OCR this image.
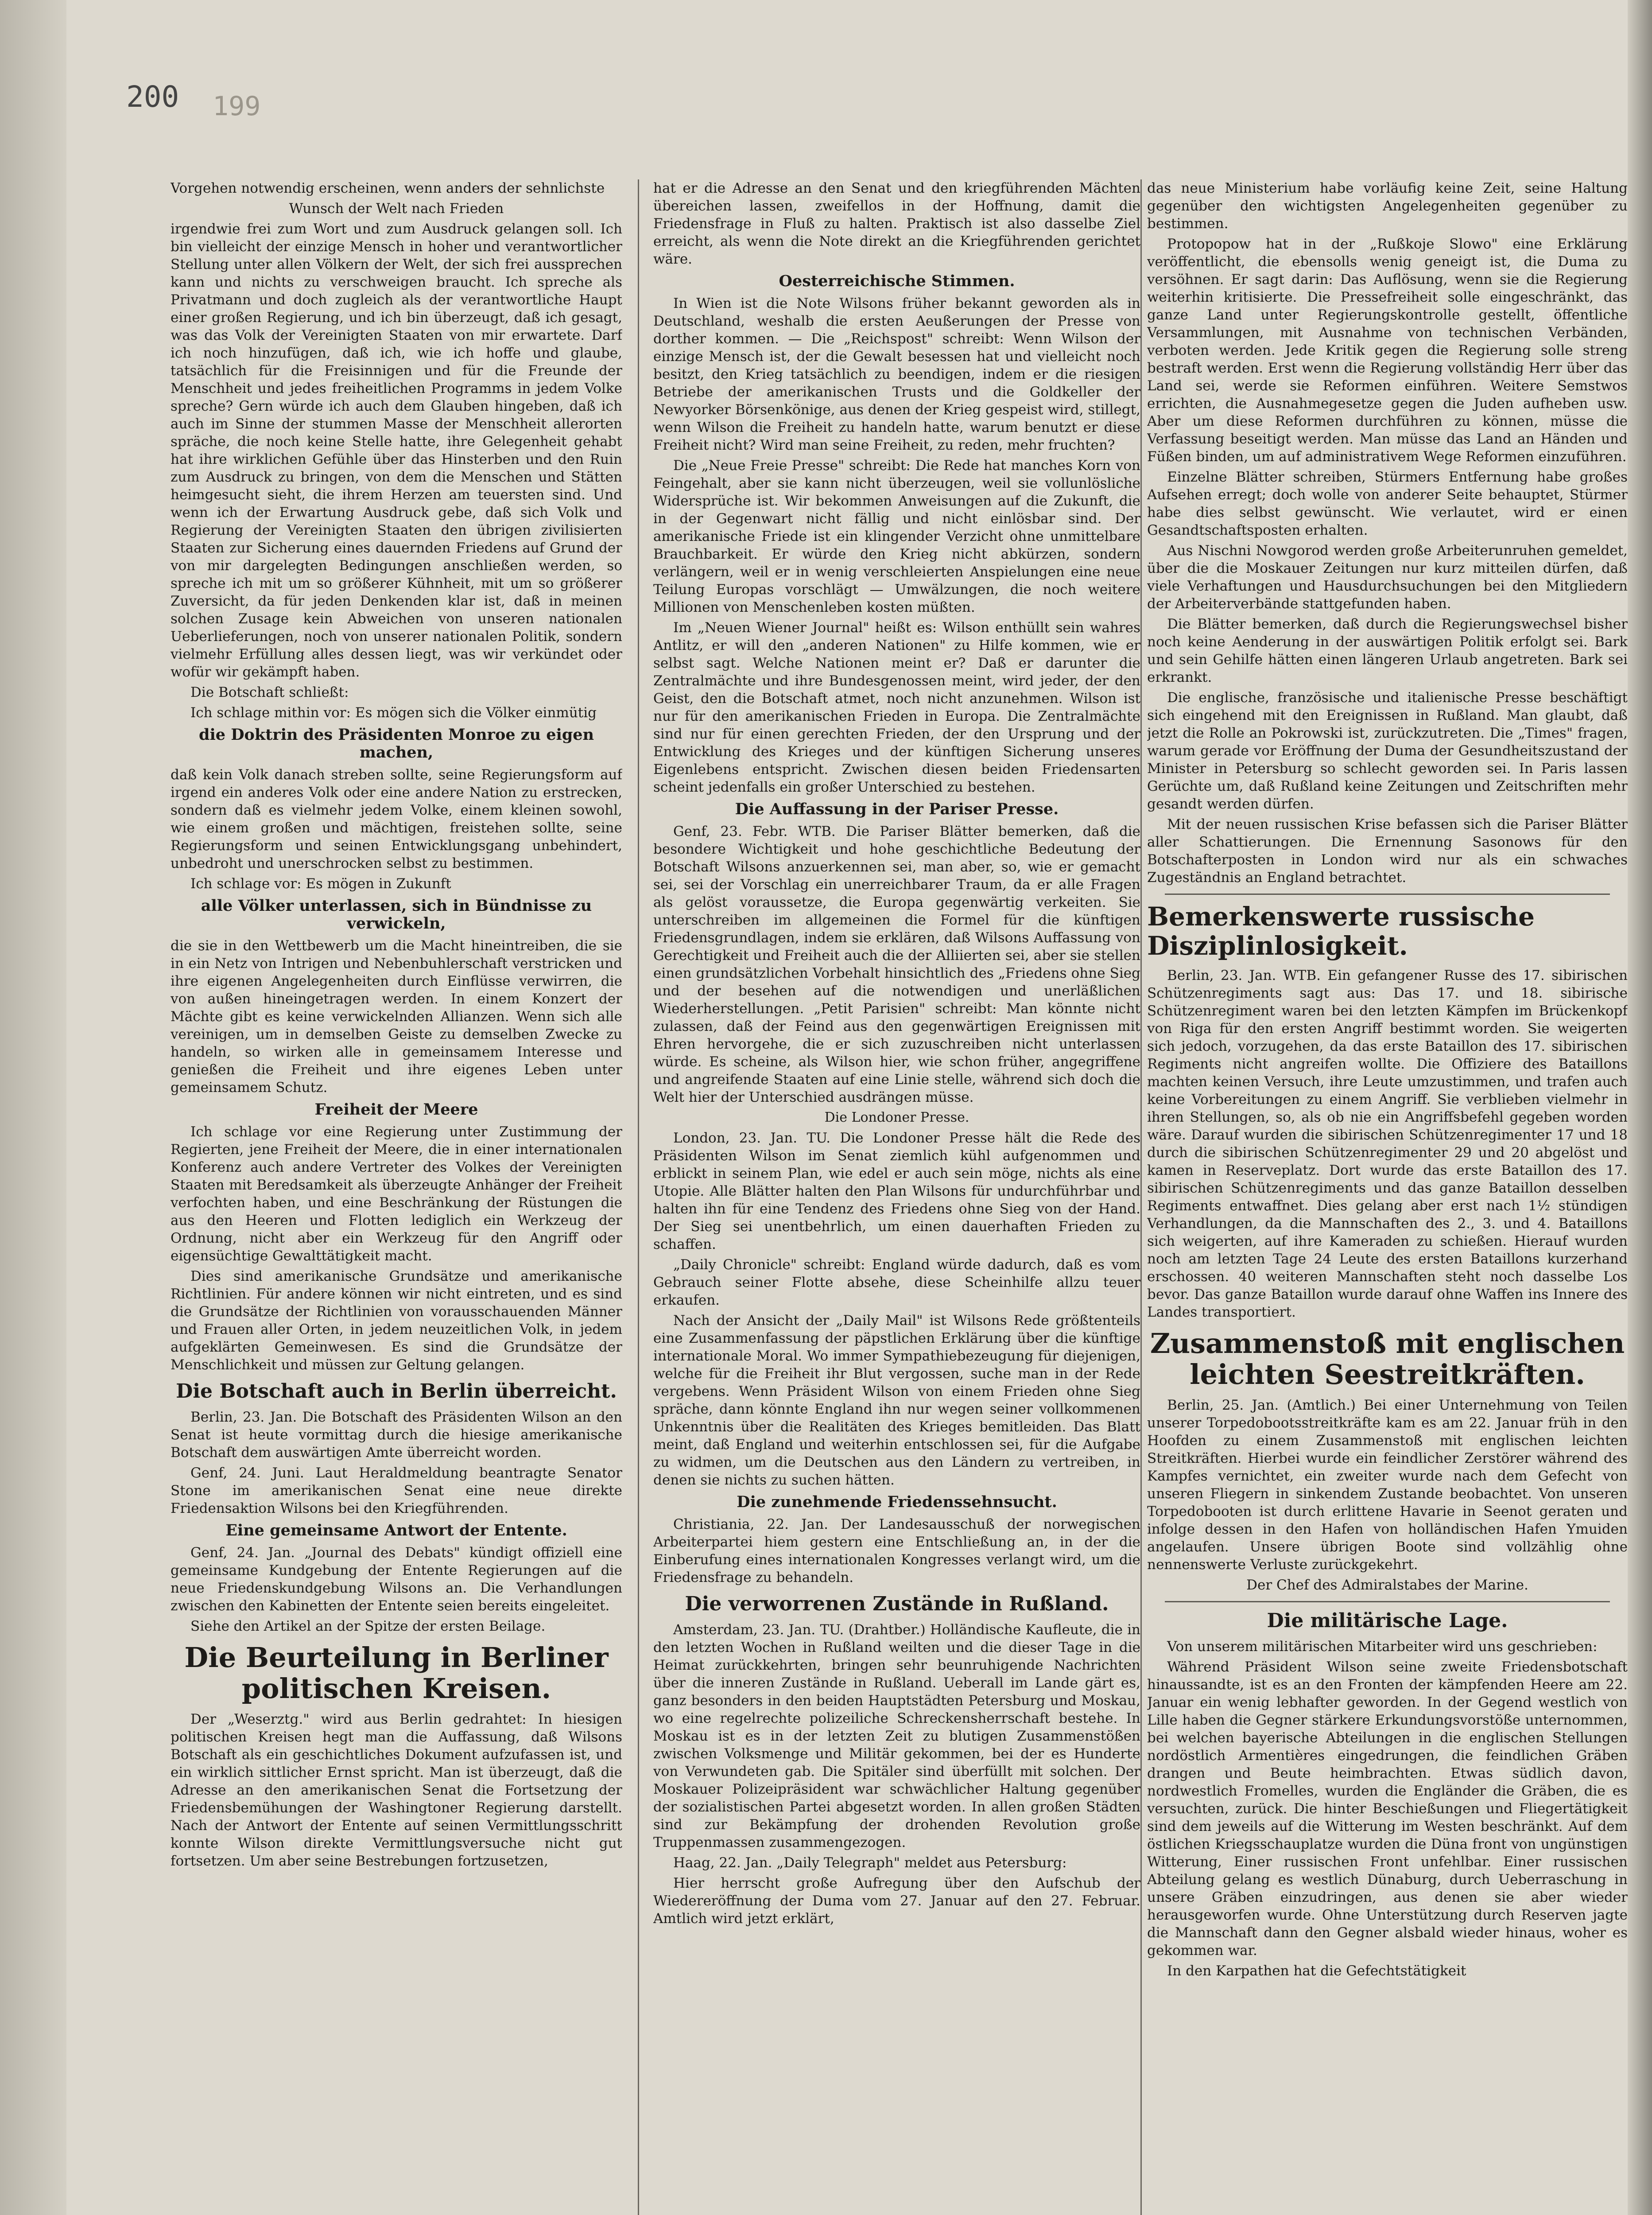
200 199

Vorgehen notwendig erscheinen, wenn anders der sehnlichste

Wunsch der Welt nach Frieden

irgendwie frei zum Wort und zum Ausdruck gelangen soll. Ich bin vielleicht der einzige Mensch in hoher und verantwortlicher Stellung unter allen Völkern der Welt, der sich frei aussprechen kann und nichts zu verschweigen braucht. Ich spreche als Privatmann und doch zugleich als der verantwortliche Haupt einer großen Regierung, und ich bin überzeugt, daß ich gesagt, was das Volk der Vereinigten Staaten von mir erwartete. Darf ich noch hinzufügen, daß ich, wie ich hoffe und glaube, tatsächlich für die Freisinnigen und für die Freunde der Menschheit und jedes freiheitlichen Programms in jedem Volke spreche? Gern würde ich auch dem Glauben hingeben, daß ich auch im Sinne der stummen Masse der Menschheit allerorten spräche, die noch keine Stelle hatte, ihre Gelegenheit gehabt hat ihre wirklichen Gefühle über das Hinsterben und den Ruin zum Ausdruck zu bringen, von dem die Menschen und Stätten heimgesucht sieht, die ihrem Herzen am teuersten sind. Und wenn ich der Erwartung Ausdruck gebe, daß sich Volk und Regierung der Vereinigten Staaten den übrigen zivilisierten Staaten zur Sicherung eines dauernden Friedens auf Grund der von mir dargelegten Bedingungen anschließen werden, so spreche ich mit um so größerer Kühnheit, mit um so größerer Zuversicht, da für jeden Denkenden klar ist, daß in meinen solchen Zusage kein Abweichen von unseren nationalen Ueberlieferungen, noch von unserer nationalen Politik, sondern vielmehr Erfüllung alles dessen liegt, was wir verkündet oder wofür wir gekämpft haben.

Die Botschaft schließt:

Ich schlage mithin vor: Es mögen sich die Völker einmütig

die Doktrin des Präsidenten Monroe zu eigen machen,

daß kein Volk danach streben sollte, seine Regierungsform auf irgend ein anderes Volk oder eine andere Nation zu erstrecken, sondern daß es vielmehr jedem Volke, einem kleinen sowohl, wie einem großen und mächtigen, freistehen sollte, seine Regierungsform und seinen Entwicklungsgang unbehindert, unbedroht und unerschrocken selbst zu bestimmen.

Ich schlage vor: Es mögen in Zukunft

alle Völker unterlassen, sich in Bündnisse zu verwickeln,

die sie in den Wettbewerb um die Macht hineintreiben, die sie in ein Netz von Intrigen und Nebenbuhlerschaft verstricken und ihre eigenen Angelegenheiten durch Einflüsse verwirren, die von außen hineingetragen werden. In einem Konzert der Mächte gibt es keine verwickelnden Allianzen. Wenn sich alle vereinigen, um in demselben Geiste zu demselben Zwecke zu handeln, so wirken alle in gemeinsamem Interesse und genießen die Freiheit und ihre eigenes Leben unter gemeinsamem Schutz.

Freiheit der Meere

Ich schlage vor eine Regierung unter Zustimmung der Regierten, jene Freiheit der Meere, die in einer internationalen Konferenz auch andere Vertreter des Volkes der Vereinigten Staaten mit Beredsamkeit als überzeugte Anhänger der Freiheit verfochten haben, und eine Beschränkung der Rüstungen die aus den Heeren und Flotten lediglich ein Werkzeug der Ordnung, nicht aber ein Werkzeug für den Angriff oder eigensüchtige Gewalttätigkeit macht.

Dies sind amerikanische Grundsätze und amerikanische Richtlinien. Für andere können wir nicht eintreten, und es sind die Grundsätze der Richtlinien von vorausschauenden Männer und Frauen aller Orten, in jedem neuzeitlichen Volk, in jedem aufgeklärten Gemeinwesen. Es sind die Grundsätze der Menschlichkeit und müssen zur Geltung gelangen.

Die Botschaft auch in Berlin überreicht.

Berlin, 23. Jan. Die Botschaft des Präsidenten Wilson an den Senat ist heute vormittag durch die hiesige amerikanische Botschaft dem auswärtigen Amte überreicht worden.

Genf, 24. Juni. Laut Heraldmeldung beantragte Senator Stone im amerikanischen Senat eine neue direkte Friedensaktion Wilsons bei den Kriegführenden.

Eine gemeinsame Antwort der Entente.

Genf, 24. Jan. „Journal des Debats" kündigt offiziell eine gemeinsame Kundgebung der Entente Regierungen auf die neue Friedenskundgebung Wilsons an. Die Verhandlungen zwischen den Kabinetten der Entente seien bereits eingeleitet.

Siehe den Artikel an der Spitze der ersten Beilage.

Die Beurteilung in Berliner politischen Kreisen.

Der „Weserztg." wird aus Berlin gedrahtet: In hiesigen politischen Kreisen hegt man die Auffassung, daß Wilsons Botschaft als ein geschichtliches Dokument aufzufassen ist, und ein wirklich sittlicher Ernst spricht. Man ist überzeugt, daß die Adresse an den amerikanischen Senat die Fortsetzung der Friedensbemühungen der Washingtoner Regierung darstellt. Nach der Antwort der Entente auf seinen Vermittlungsschritt konnte Wilson direkte Vermittlungsversuche nicht gut fortsetzen. Um aber seine Bestrebungen fortzusetzen,

hat er die Adresse an den Senat und den kriegführenden Mächten übereichen lassen, zweifellos in der Hoffnung, damit die Friedensfrage in Fluß zu halten. Praktisch ist also dasselbe Ziel erreicht, als wenn die Note direkt an die Kriegführenden gerichtet wäre.

Oesterreichische Stimmen.

In Wien ist die Note Wilsons früher bekannt geworden als in Deutschland, weshalb die ersten Aeußerungen der Presse von dorther kommen. — Die „Reichspost" schreibt: Wenn Wilson der einzige Mensch ist, der die Gewalt besessen hat und vielleicht noch besitzt, den Krieg tatsächlich zu beendigen, indem er die riesigen Betriebe der amerikanischen Trusts und die Goldkeller der Newyorker Börsenkönige, aus denen der Krieg gespeist wird, stillegt, wenn Wilson die Freiheit zu handeln hatte, warum benutzt er diese Freiheit nicht? Wird man seine Freiheit, zu reden, mehr fruchten?

Die „Neue Freie Presse" schreibt: Die Rede hat manches Korn von Feingehalt, aber sie kann nicht überzeugen, weil sie vollunlösliche Widersprüche ist. Wir bekommen Anweisungen auf die Zukunft, die in der Gegenwart nicht fällig und nicht einlösbar sind. Der amerikanische Friede ist ein klingender Verzicht ohne unmittelbare Brauchbarkeit. Er würde den Krieg nicht abkürzen, sondern verlängern, weil er in wenig verschleierten Anspielungen eine neue Teilung Europas vorschlägt — Umwälzungen, die noch weitere Millionen von Menschenleben kosten müßten.

Im „Neuen Wiener Journal" heißt es: Wilson enthüllt sein wahres Antlitz, er will den „anderen Nationen" zu Hilfe kommen, wie er selbst sagt. Welche Nationen meint er? Daß er darunter die Zentralmächte und ihre Bundesgenossen meint, wird jeder, der den Geist, den die Botschaft atmet, noch nicht anzunehmen. Wilson ist nur für den amerikanischen Frieden in Europa. Die Zentralmächte sind nur für einen gerechten Frieden, der den Ursprung und der Entwicklung des Krieges und der künftigen Sicherung unseres Eigenlebens entspricht. Zwischen diesen beiden Friedensarten scheint jedenfalls ein großer Unterschied zu bestehen.

Die Auffassung in der Pariser Presse.

Genf, 23. Febr. WTB. Die Pariser Blätter bemerken, daß die besondere Wichtigkeit und hohe geschichtliche Bedeutung der Botschaft Wilsons anzuerkennen sei, man aber, so, wie er gemacht sei, sei der Vorschlag ein unerreichbarer Traum, da er alle Fragen als gelöst voraussetze, die Europa gegenwärtig verkeiten. Sie unterschreiben im allgemeinen die Formel für die künftigen Friedensgrundlagen, indem sie erklären, daß Wilsons Auffassung von Gerechtigkeit und Freiheit auch die der Alliierten sei, aber sie stellen einen grundsätzlichen Vorbehalt hinsichtlich des „Friedens ohne Sieg und der besehen auf die notwendigen und unerläßlichen Wiederherstellungen. „Petit Parisien" schreibt: Man könnte nicht zulassen, daß der Feind aus den gegenwärtigen Ereignissen mit Ehren hervorgehe, die er sich zuzuschreiben nicht unterlassen würde. Es scheine, als Wilson hier, wie schon früher, angegriffene und angreifende Staaten auf eine Linie stelle, während sich doch die Welt hier der Unterschied ausdrängen müsse.

Die Londoner Presse.

London, 23. Jan. TU. Die Londoner Presse hält die Rede des Präsidenten Wilson im Senat ziemlich kühl aufgenommen und erblickt in seinem Plan, wie edel er auch sein möge, nichts als eine Utopie. Alle Blätter halten den Plan Wilsons für undurchführbar und halten ihn für eine Tendenz des Friedens ohne Sieg von der Hand. Der Sieg sei unentbehrlich, um einen dauerhaften Frieden zu schaffen.

„Daily Chronicle" schreibt: England würde dadurch, daß es vom Gebrauch seiner Flotte absehe, diese Scheinhilfe allzu teuer erkaufen.

Nach der Ansicht der „Daily Mail" ist Wilsons Rede größtenteils eine Zusammenfassung der päpstlichen Erklärung über die künftige internationale Moral. Wo immer Sympathiebezeugung für diejenigen, welche für die Freiheit ihr Blut vergossen, suche man in der Rede vergebens. Wenn Präsident Wilson von einem Frieden ohne Sieg spräche, dann könnte England ihn nur wegen seiner vollkommenen Unkenntnis über die Realitäten des Krieges bemitleiden. Das Blatt meint, daß England und weiterhin entschlossen sei, für die Aufgabe zu widmen, um die Deutschen aus den Ländern zu vertreiben, in denen sie nichts zu suchen hätten.

Die zunehmende Friedenssehnsucht.

Christiania, 22. Jan. Der Landesausschuß der norwegischen Arbeiterpartei hiem gestern eine Entschließung an, in der die Einberufung eines internationalen Kongresses verlangt wird, um die Friedensfrage zu behandeln.

Die verworrenen Zustände in Rußland.

Amsterdam, 23. Jan. TU. (Drahtber.) Holländische Kaufleute, die in den letzten Wochen in Rußland weilten und die dieser Tage in die Heimat zurückkehrten, bringen sehr beunruhigende Nachrichten über die inneren Zustände in Rußland. Ueberall im Lande gärt es, ganz besonders in den beiden Hauptstädten Petersburg und Moskau, wo eine regelrechte polizeiliche Schreckensherrschaft bestehe. In Moskau ist es in der letzten Zeit zu blutigen Zusammenstößen zwischen Volksmenge und Militär gekommen, bei der es Hunderte von Verwundeten gab. Die Spitäler sind überfüllt mit solchen. Der Moskauer Polizeipräsident war schwächlicher Haltung gegenüber der sozialistischen Partei abgesetzt worden. In allen großen Städten sind zur Bekämpfung der drohenden Revolution große Truppenmassen zusammengezogen.

Haag, 22. Jan. „Daily Telegraph" meldet aus Petersburg:

Hier herrscht große Aufregung über den Aufschub der Wiedereröffnung der Duma vom 27. Januar auf den 27. Februar. Amtlich wird jetzt erklärt,

das neue Ministerium habe vorläufig keine Zeit, seine Haltung gegenüber den wichtigsten Angelegenheiten gegenüber zu bestimmen.

Protopopow hat in der „Rußkoje Slowo" eine Erklärung veröffentlicht, die ebensolls wenig geneigt ist, die Duma zu versöhnen. Er sagt darin: Das Auflösung, wenn sie die Regierung weiterhin kritisierte. Die Pressefreiheit solle eingeschränkt, das ganze Land unter Regierungskontrolle gestellt, öffentliche Versammlungen, mit Ausnahme von technischen Verbänden, verboten werden. Jede Kritik gegen die Regierung solle streng bestraft werden. Erst wenn die Regierung vollständig Herr über das Land sei, werde sie Reformen einführen. Weitere Semstwos errichten, die Ausnahmegesetze gegen die Juden aufheben usw. Aber um diese Reformen durchführen zu können, müsse die Verfassung beseitigt werden. Man müsse das Land an Händen und Füßen binden, um auf administrativem Wege Reformen einzuführen.

Einzelne Blätter schreiben, Stürmers Entfernung habe großes Aufsehen erregt; doch wolle von anderer Seite behauptet, Stürmer habe dies selbst gewünscht. Wie verlautet, wird er einen Gesandtschaftsposten erhalten.

Aus Nischni Nowgorod werden große Arbeiterunruhen gemeldet, über die die Moskauer Zeitungen nur kurz mitteilen dürfen, daß viele Verhaftungen und Hausdurchsuchungen bei den Mitgliedern der Arbeiterverbände stattgefunden haben.

Die Blätter bemerken, daß durch die Regierungswechsel bisher noch keine Aenderung in der auswärtigen Politik erfolgt sei. Bark und sein Gehilfe hätten einen längeren Urlaub angetreten. Bark sei erkrankt.

Die englische, französische und italienische Presse beschäftigt sich eingehend mit den Ereignissen in Rußland. Man glaubt, daß jetzt die Rolle an Pokrowski ist, zurückzutreten. Die „Times" fragen, warum gerade vor Eröffnung der Duma der Gesundheitszustand der Minister in Petersburg so schlecht geworden sei. In Paris lassen Gerüchte um, daß Rußland keine Zeitungen und Zeitschriften mehr gesandt werden dürfen.

Mit der neuen russischen Krise befassen sich die Pariser Blätter aller Schattierungen. Die Ernennung Sasonows für den Botschafterposten in London wird nur als ein schwaches Zugeständnis an England betrachtet.

Bemerkenswerte russische Disziplinlosigkeit.

Berlin, 23. Jan. WTB. Ein gefangener Russe des 17. sibirischen Schützenregiments sagt aus: Das 17. und 18. sibirische Schützenregiment waren bei den letzten Kämpfen im Brückenkopf von Riga für den ersten Angriff bestimmt worden. Sie weigerten sich jedoch, vorzugehen, da das erste Bataillon des 17. sibirischen Regiments nicht angreifen wollte. Die Offiziere des Bataillons machten keinen Versuch, ihre Leute umzustimmen, und trafen auch keine Vorbereitungen zu einem Angriff. Sie verblieben vielmehr in ihren Stellungen, so, als ob nie ein Angriffsbefehl gegeben worden wäre. Darauf wurden die sibirischen Schützenregimenter 17 und 18 durch die sibirischen Schützenregimenter 29 und 20 abgelöst und kamen in Reserveplatz. Dort wurde das erste Bataillon des 17. sibirischen Schützenregiments und das ganze Bataillon desselben Regiments entwaffnet. Dies gelang aber erst nach 1½ stündigen Verhandlungen, da die Mannschaften des 2., 3. und 4. Bataillons sich weigerten, auf ihre Kameraden zu schießen. Hierauf wurden noch am letzten Tage 24 Leute des ersten Bataillons kurzerhand erschossen. 40 weiteren Mannschaften steht noch dasselbe Los bevor. Das ganze Bataillon wurde darauf ohne Waffen ins Innere des Landes transportiert.

Zusammenstoß mit englischen leichten Seestreitkräften.

Berlin, 25. Jan. (Amtlich.) Bei einer Unternehmung von Teilen unserer Torpedobootsstreitkräfte kam es am 22. Januar früh in den Hoofden zu einem Zusammenstoß mit englischen leichten Streitkräften. Hierbei wurde ein feindlicher Zerstörer während des Kampfes vernichtet, ein zweiter wurde nach dem Gefecht von unseren Fliegern in sinkendem Zustande beobachtet. Von unseren Torpedobooten ist durch erlittene Havarie in Seenot geraten und infolge dessen in den Hafen von holländischen Hafen Ymuiden angelaufen. Unsere übrigen Boote sind vollzählig ohne nennenswerte Verluste zurückgekehrt.

Der Chef des Admiralstabes der Marine.

Die militärische Lage.

Von unserem militärischen Mitarbeiter wird uns geschrieben:

Während Präsident Wilson seine zweite Friedensbotschaft hinaussandte, ist es an den Fronten der kämpfenden Heere am 22. Januar ein wenig lebhafter geworden. In der Gegend westlich von Lille haben die Gegner stärkere Erkundungsvorstöße unternommen, bei welchen bayerische Abteilungen in die englischen Stellungen nordöstlich Armentières eingedrungen, die feindlichen Gräben drangen und Beute heimbrachten. Etwas südlich davon, nordwestlich Fromelles, wurden die Engländer die Gräben, die es versuchten, zurück. Die hinter Beschießungen und Fliegertätigkeit sind dem jeweils auf die Witterung im Westen beschränkt. Auf dem östlichen Kriegsschauplatze wurden die Düna front von ungünstigen Witterung, Einer russischen Front unfehlbar. Einer russischen Abteilung gelang es westlich Dünaburg, durch Ueberraschung in unsere Gräben einzudringen, aus denen sie aber wieder herausgeworfen wurde. Ohne Unterstützung durch Reserven jagte die Mannschaft dann den Gegner alsbald wieder hinaus, woher es gekommen war.

In den Karpathen hat die Gefechtstätigkeit
